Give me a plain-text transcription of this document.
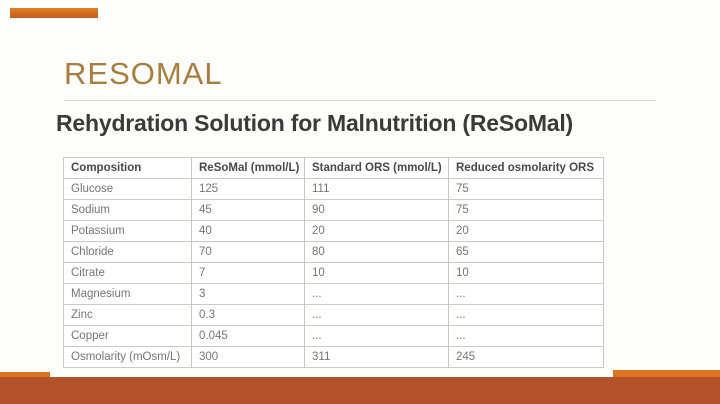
RESOMAL
Rehydration Solution for Malnutrition (ReSoMal)
Composition	ReSoMal (mmol/L)	Standard ORS (mmol/L)	Reduced osmolarity ORS
Glucose	125	111	75
Sodium	45	90	75
Potassium	40	20	20
Chloride	70	80	65
Citrate	7	10	10
Magnesium	3	...	...
Zinc	0.3	...	...
Copper	0.045	...	...
Osmolarity (mOsm/L)	300	311	245
